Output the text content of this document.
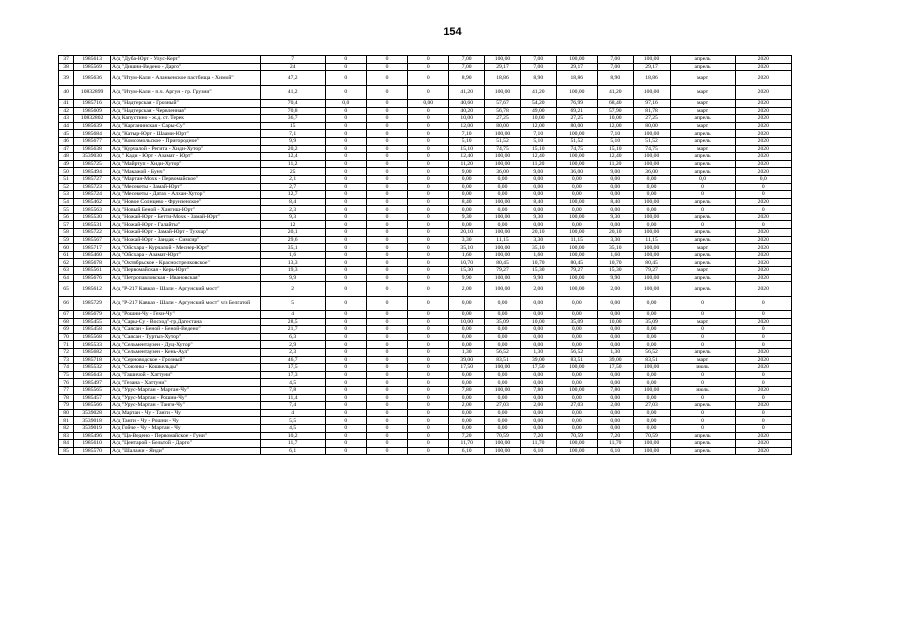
154
37	1985613	А/д "Дуба-Юрт - Улус-Керт"	7	0	0	0	7,00	100,00	7,00	100,00	7,00	100,00	апрель	2020
38	1985569	А/д "Дишни-Ведено - Дарго"	24	0	0	0	7,00	29,17	7,00	29,17	7,00	29,17	апрель	2020
39	1985636	А/д "Итум-Кали - Аланкенское пастбища - Химой"	47,2	0	0	0	8,90	18,86	8,90	18,86	8,90	18,86	март	2020
40	10832899	А/д "Итум-Кали - п.ч. Аргун - гр. Грузии"	41,2	0	0	0	41,20	100,00	41,20	100,00	41,20	100,00	март	2020
41	1985716	А/д "Надтерская - Грозный"	70,4	0,0	0	0,00	40,60	57,67	54,20	76,99	68,40	97,16	март	2020
42	1985609	А/д "Надтерская - Червленная"	70,8	0	0	0	40,20	56,78	49,00	69,21	57,90	81,78	март	2020
43	10832802	А/д Капустино - ж.д. ст. Терек	36,7	0	0	0	10,00	27,25	10,00	27,25	10,00	27,25	апрель	2020
44	1985639	А/д "Карганинская - Сары-Су"	15	0	0	0	12,00	80,00	12,00	80,00	12,00	80,00	март	2020
45	1985684	А/д "Катыр-Юрт - Шаами-Юрт"	7,1	0	0	0	7,10	100,00	7,10	100,00	7,10	100,00	апрель	2020
46	1985677	А/д "Комсомольское - Пригородное"	9,9	0	0	0	5,10	51,52	5,10	51,52	5,10	51,52	апрель	2020
47	1985638	А/д "Курчалой - Регита - Хиди-Хутор"	20,2	0	0	0	15,10	74,75	15,10	74,75	15,10	74,75	март	2020
48	3539030	А/д " Кади - Юрт - Азамат - Юрт"	12,4	0	0	0	12,40	100,00	12,40	100,00	12,40	100,00	апрель	2020
49	1985725	А/д "Майртуп - Хиди-Хутор"	11,2	0	0	0	11,20	100,00	11,20	100,00	11,20	100,00	апрель	2020
50	1985494	А/д "Макажой - Бунч"	25	0	0	0	9,00	36,00	9,00	36,00	9,00	36,00	апрель	2020
51	1985727	А/д "Мартан-Мохк - Первомайское"	2,1	0	0	0	0,00	0,00	0,00	0,00	0,00	0,00	0,0	0,0
52	1985723	А/д "Месекеты - Замай-Юрт"	2,7	0	0	0	0,00	0,00	0,00	0,00	0,00	0,00	0	0
53	1985724	А/д "Месекеты - Датах - Алхан-Хутор"	12,7	0	0	0	0,00	0,00	0,00	0,00	0,00	0,00	0	0
54	1985462	А/д "Новое Солнцево - Фрунзенское"	8,4	0	0	0	8,40	100,00	8,40	100,00	8,40	100,00	апрель	2020
55	1985563	А/д "Новый Беной - Хангиш-Юрт"	2,3	0	0	0	0,00	0,00	0,00	0,00	0,00	0,00	0	0
56	1985530	А/д "Ножай-Юрт - Бетти-Мохк - Замай-Юрт"	9,3	0	0	0	9,30	100,00	9,30	100,00	9,30	100,00	апрель	2020
57	1985531	А/д "Ножай-Юрт - Галайты"	12	0	0	0	0,00	0,00	0,00	0,00	0,00	0,00	0	0
58	1985722	А/д "Ножай-Юрт - Замай-Юрт - Тухчар"	20,1	0	0	0	20,10	100,00	20,10	100,00	20,10	100,00	апрель	2020
59	1985567	А/д "Ножай-Юрт - Зандак - Симсир"	29,6	0	0	0	3,30	11,15	3,30	11,15	3,30	11,15	апрель	2020
60	1985717	А/д "Ойсхара - Курчалой - Меснер-Юрт"	35,1	0	0	0	35,10	100,00	35,10	100,00	35,10	100,00	март	2020
61	1985460	А/д "Ойсхара - Азамат-Юрт"	1,6	0	0	0	1,60	100,00	1,60	100,00	1,60	100,00	апрель	2020
62	1985678	А/д "Октябрьское - Краснострелковское"	13,3	0	0	0	10,70	80,45	10,70	80,45	10,70	80,45	апрель	2020
63	1985561	А/д "Первомайская - Керь-Юрт"	19,3	0	0	0	15,30	79,27	15,30	79,27	15,30	79,27	март	2020
64	1985676	А/д "Петропавловская - Ивановская"	9,9	0	0	0	9,90	100,00	9,90	100,00	9,90	100,00	апрель	2020
65	1985612	А/д "Р-217 Кавказ - Шали - Аргунский мост"	2	0	0	0	2,00	100,00	2,00	100,00	2,00	100,00	апрель	2020
66	1985729	А/д "Р-217 Кавказ - Шали - Аргунский мост" ч/з Белгатой	5	0	0	0	0,00	0,00	0,00	0,00	0,00	0,00	0	0
67	1985679	А/д "Рошни-Чу - Гехи-Чу"	4	0	0	0	0,00	0,00	0,00	0,00	0,00	0,00	0	0
68	1985455	А/д "Сары-Су - Восход"-гр.Дагестана	28,5	0	0	0	10,00	35,09	10,00	35,09	10,00	35,09	март	2020
69	1985458	А/д "Саясан - Беной - Беной-Ведено"	21,7	0	0	0	0,00	0,00	0,00	0,00	0,00	0,00	0	0
70	1985568	А/д "Саясан - Туртыз-Хутор"	6,3	0	0	0	0,00	0,00	0,00	0,00	0,00	0,00	0	0
71	1985533	А/д "Сельментаузен - Дуц-Хутор"	2,9	0	0	0	0,00	0,00	0,00	0,00	0,00	0,00	0	0
72	1985682	А/д "Сельментаузен - Кень-Аул"	2,3	0	0	0	1,30	56,52	1,30	56,52	1,30	56,52	апрель	2020
73	1985718	А/д "Серноводское - Грозный"	46,7	0	0	0	39,00	83,51	39,00	83,51	39,00	83,51	март	2020
74	1985532	А/д "Союзны - Кошкельды"	17,5	0	0	0	17,50	100,00	17,50	100,00	17,50	100,00	июль	2020
75	1985643	А/д "Гашичой - Хаттуни"	17,3	0	0	0	0,00	0,00	0,00	0,00	0,00	0,00	0	0
76	1985497	А/д "Гезана - Хаттуни"	4,5	0	0	0	0,00	0,00	0,00	0,00	0,00	0,00	0	0
77	1985565	А/д "Урус-Мартан - Мартан-Чу"	7,8	0	0	0	7,80	100,00	7,80	100,00	7,80	100,00	июль	2020
78	1985457	А/д "Урус-Мартан - Рошни-Чу"	11,4	0	0	0	0,00	0,00	0,00	0,00	0,00	0,00	0	0
79	1985566	А/д "Урус-Мартан - Танги-Чу"	7,4	0	0	0	2,00	27,03	2,00	27,03	2,00	27,03	апрель	2020
80	3539028	А/д Мартан - Чу - Танги - Чу	4	0	0	0	0,00	0,00	0,00	0,00	0,00	0,00	0	0
81	3539018	А/д Танги - Чу - Рошни - Чу	5,5	0	0	0	0,00	0,00	0,00	0,00	0,00	0,00	0	0
82	3539019	А/д Гойче - Чу - Мартан - Чу	4,5	0	0	0	0,00	0,00	0,00	0,00	0,00	0,00	0	0
83	1985496	А/д "Ца-Ведено - Первомайское - Гуни"	10,2	0	0	0	7,20	70,59	7,20	70,59	7,20	70,59	апрель	2020
84	1985610	А/д "Центарой - Бельтой - Дарго"	11,7	0	0	0	11,70	100,00	11,70	100,00	11,70	100,00	апрель	2020
85	1985570	А/д "Шалажи - Янди"	6,1	0	0	0	6,10	100,00	6,10	100,00	6,10	100,00	апрель	2020
